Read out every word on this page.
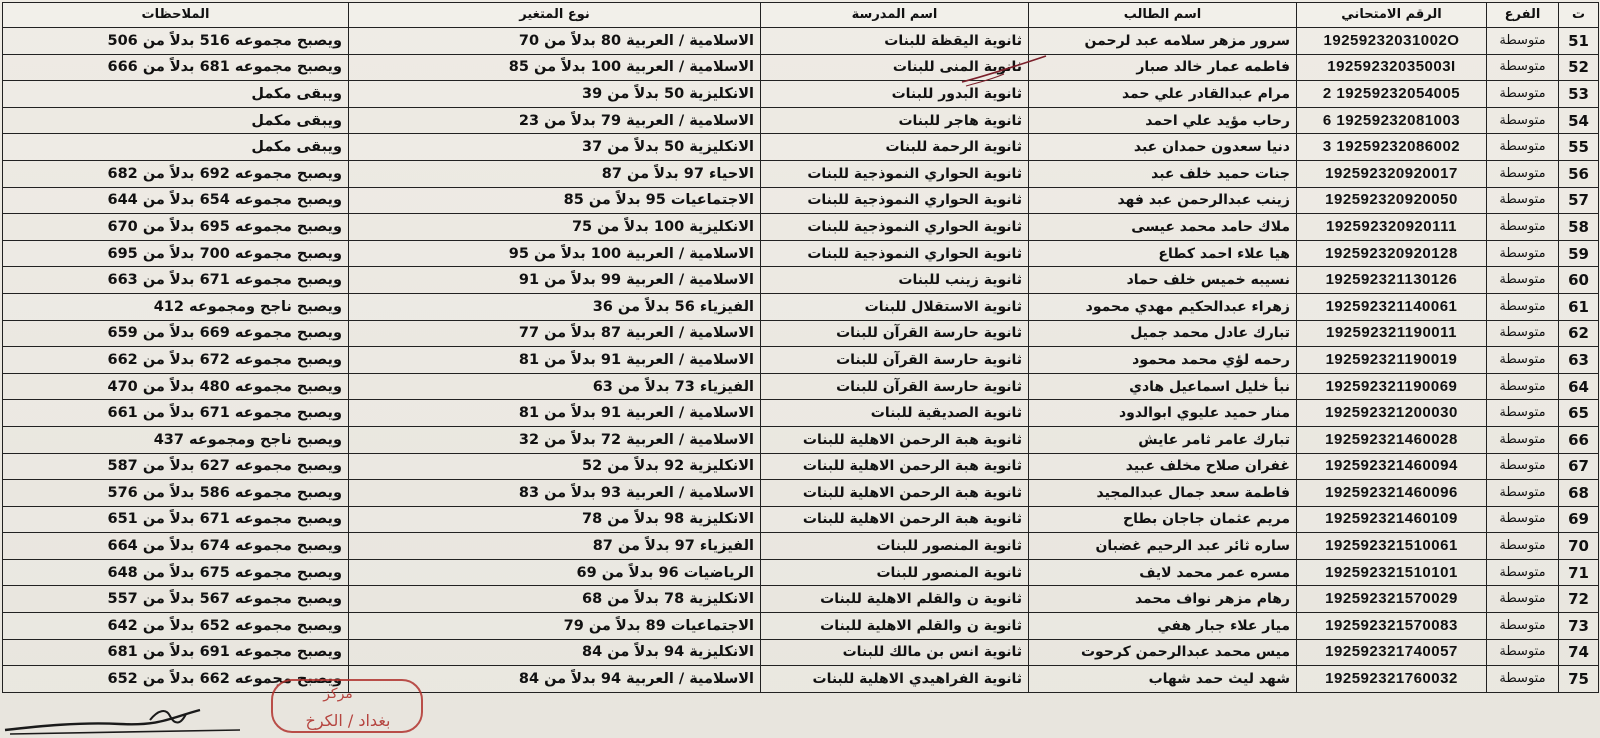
ت	الفرع	الرقم الامتحاني	اسم الطالب	اسم المدرسة	نوع المتغير	الملاحظات
51	متوسطة	19259232031002O	سرور مزهر سلامه عبد لرحمن	ثانوية اليقظة للبنات	الاسلامية / العربية 80 بدلاً من 70	ويصبح مجموعه 516 بدلاً من 506
52	متوسطة	19259232035003I	فاطمه عمار خالد صبار	ثانوية المنى للبنات	الاسلامية / العربية 100 بدلاً من 85	ويصبح مجموعه 681 بدلاً من 666
53	متوسطة	19259232054005 2	مرام عبدالقادر علي حمد	ثانوية البدور للبنات	الانكليزية 50 بدلاً من 39	ويبقى مكمل
54	متوسطة	19259232081003 6	رحاب مؤيد علي احمد	ثانوية هاجر للبنات	الاسلامية / العربية 79 بدلاً من 23	ويبقى مكمل
55	متوسطة	19259232086002 3	دنيا سعدون حمدان عبد	ثانوية الرحمة للبنات	الانكليزية 50 بدلاً من 37	ويبقى مكمل
56	متوسطة	192592320920017	جنات حميد خلف عبد	ثانوية الحواري النموذجية للبنات	الاحياء 97 بدلاً من 87	ويصبح مجموعه 692 بدلاً من 682
57	متوسطة	192592320920050	زينب عبدالرحمن عبد فهد	ثانوية الحواري النموذجية للبنات	الاجتماعيات 95 بدلاً من 85	ويصبح مجموعه 654 بدلاً من 644
58	متوسطة	192592320920111	ملاك حامد محمد عيسى	ثانوية الحواري النموذجية للبنات	الانكليزية 100 بدلاً من 75	ويصبح مجموعه 695 بدلاً من 670
59	متوسطة	192592320920128	هيا علاء احمد كطاع	ثانوية الحواري النموذجية للبنات	الاسلامية / العربية 100 بدلاً من 95	ويصبح مجموعه 700 بدلاً من 695
60	متوسطة	192592321130126	نسيبه خميس خلف حماد	ثانوية زينب للبنات	الاسلامية / العربية 99 بدلاً من 91	ويصبح مجموعه 671 بدلاً من 663
61	متوسطة	192592321140061	زهراء عبدالحكيم مهدي محمود	ثانوية الاستقلال للبنات	الفيزياء 56 بدلاً من 36	ويصبح ناجح ومجموعه 412
62	متوسطة	192592321190011	تبارك عادل محمد جميل	ثانوية حارسة القرآن للبنات	الاسلامية / العربية 87 بدلاً من 77	ويصبح مجموعه 669 بدلاً من 659
63	متوسطة	192592321190019	رحمه لؤي محمد محمود	ثانوية حارسة القرآن للبنات	الاسلامية / العربية 91 بدلاً من 81	ويصبح مجموعه 672 بدلاً من 662
64	متوسطة	192592321190069	نبأ خليل اسماعيل هادي	ثانوية حارسة القرآن للبنات	الفيزياء 73 بدلاً من 63	ويصبح مجموعه 480 بدلاً من 470
65	متوسطة	192592321200030	منار حميد عليوي ابوالدود	ثانوية الصديقية للبنات	الاسلامية / العربية 91 بدلاً من 81	ويصبح مجموعه 671 بدلاً من 661
66	متوسطة	192592321460028	تبارك عامر ثامر عايش	ثانوية هبة الرحمن الاهلية للبنات	الاسلامية / العربية 72 بدلاً من 32	ويصبح ناجح ومجموعه 437
67	متوسطة	192592321460094	غفران صلاح مخلف عبيد	ثانوية هبة الرحمن الاهلية للبنات	الانكليزية 92 بدلاً من 52	ويصبح مجموعه 627 بدلاً من 587
68	متوسطة	192592321460096	فاطمة سعد جمال عبدالمجيد	ثانوية هبة الرحمن الاهلية للبنات	الاسلامية / العربية 93 بدلاً من 83	ويصبح مجموعه 586 بدلاً من 576
69	متوسطة	192592321460109	مريم عثمان جاجان بطاح	ثانوية هبة الرحمن الاهلية للبنات	الانكليزية 98 بدلاً من 78	ويصبح مجموعه 671 بدلاً من 651
70	متوسطة	192592321510061	ساره ثائر عبد الرحيم غضبان	ثانوية المنصور للبنات	الفيزياء 97 بدلاً من 87	ويصبح مجموعه 674 بدلاً من 664
71	متوسطة	192592321510101	مسره عمر محمد لايف	ثانوية المنصور للبنات	الرياضيات 96 بدلاً من 69	ويصبح مجموعه 675 بدلاً من 648
72	متوسطة	192592321570029	رهام مزهر نواف محمد	ثانوية ن والقلم الاهلية للبنات	الانكليزية 78 بدلاً من 68	ويصبح مجموعه 567 بدلاً من 557
73	متوسطة	192592321570083	ميار علاء جبار هفي	ثانوية ن والقلم الاهلية للبنات	الاجتماعيات 89 بدلاً من 79	ويصبح مجموعه 652 بدلاً من 642
74	متوسطة	192592321740057	ميس محمد عبدالرحمن كرحوت	ثانوية انس بن مالك للبنات	الانكليزية 94 بدلاً من 84	ويصبح مجموعه 691 بدلاً من 681
75	متوسطة	192592321760032	شهد ليث حمد شهاب	ثانوية الفراهيدي الاهلية للبنات	الاسلامية / العربية 94 بدلاً من 84	ويصبح مجموعه 662 بدلاً من 652
مركز
بغداد / الكرخ
